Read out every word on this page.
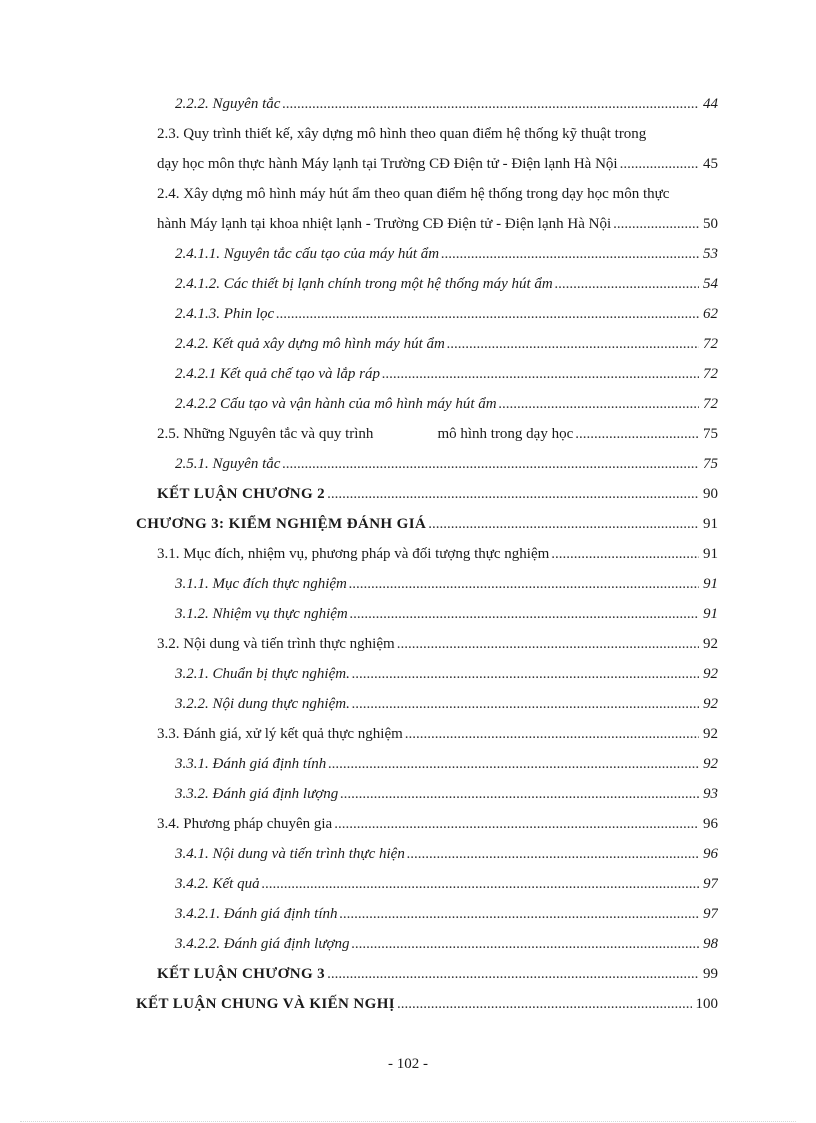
2.2.2. Nguyên tắc .....	44
2.3. Quy trình thiết kế, xây dựng mô hình theo quan điểm hệ thống kỹ thuật trong
dạy học môn thực hành Máy lạnh tại Trường CĐ Điện tử - Điện lạnh Hà Nội .....	45
2.4. Xây dựng mô hình máy hút ẩm theo quan điểm hệ thống trong dạy học môn thực
hành Máy lạnh tại khoa nhiệt lạnh - Trường CĐ Điện tử - Điện lạnh Hà Nội .....	50
2.4.1.1. Nguyên tắc cấu tạo của máy hút ẩm .....	53
2.4.1.2. Các thiết bị lạnh chính trong một hệ thống máy hút ẩm .....	54
2.4.1.3. Phin lọc .....	62
2.4.2. Kết quả xây dựng mô hình máy hút ẩm .....	72
2.4.2.1 Kết quả chế tạo và lắp ráp .....	72
2.4.2.2 Cấu tạo và vận hành của mô hình máy hút ẩm .....	72
2.5. Những Nguyên tắc và quy trình	mô hình trong dạy học .....	75
2.5.1. Nguyên tắc .....	75
KẾT LUẬN CHƯƠNG 2 .....	90
CHƯƠNG 3: KIỂM NGHIỆM ĐÁNH GIÁ .....	91
3.1. Mục đích, nhiệm vụ, phương pháp và đối tượng thực nghiệm .....	91
3.1.1. Mục đích thực nghiệm .....	91
3.1.2. Nhiệm vụ thực nghiệm .....	91
3.2. Nội dung và tiến trình thực nghiệm .....	92
3.2.1. Chuẩn bị thực nghiệm. .....	92
3.2.2. Nội dung thực nghiệm. .....	92
3.3. Đánh giá, xử lý kết quả thực nghiệm .....	92
3.3.1. Đánh giá định tính .....	92
3.3.2. Đánh giá định lượng .....	93
3.4. Phương pháp chuyên gia .....	96
3.4.1. Nội dung và tiến trình thực hiện .....	96
3.4.2. Kết quả .....	97
3.4.2.1. Đánh giá định tính .....	97
3.4.2.2. Đánh giá định lượng .....	98
KẾT LUẬN CHƯƠNG 3 .....	99
KẾT LUẬN CHUNG VÀ KIẾN NGHỊ .....	100
- 102 -
